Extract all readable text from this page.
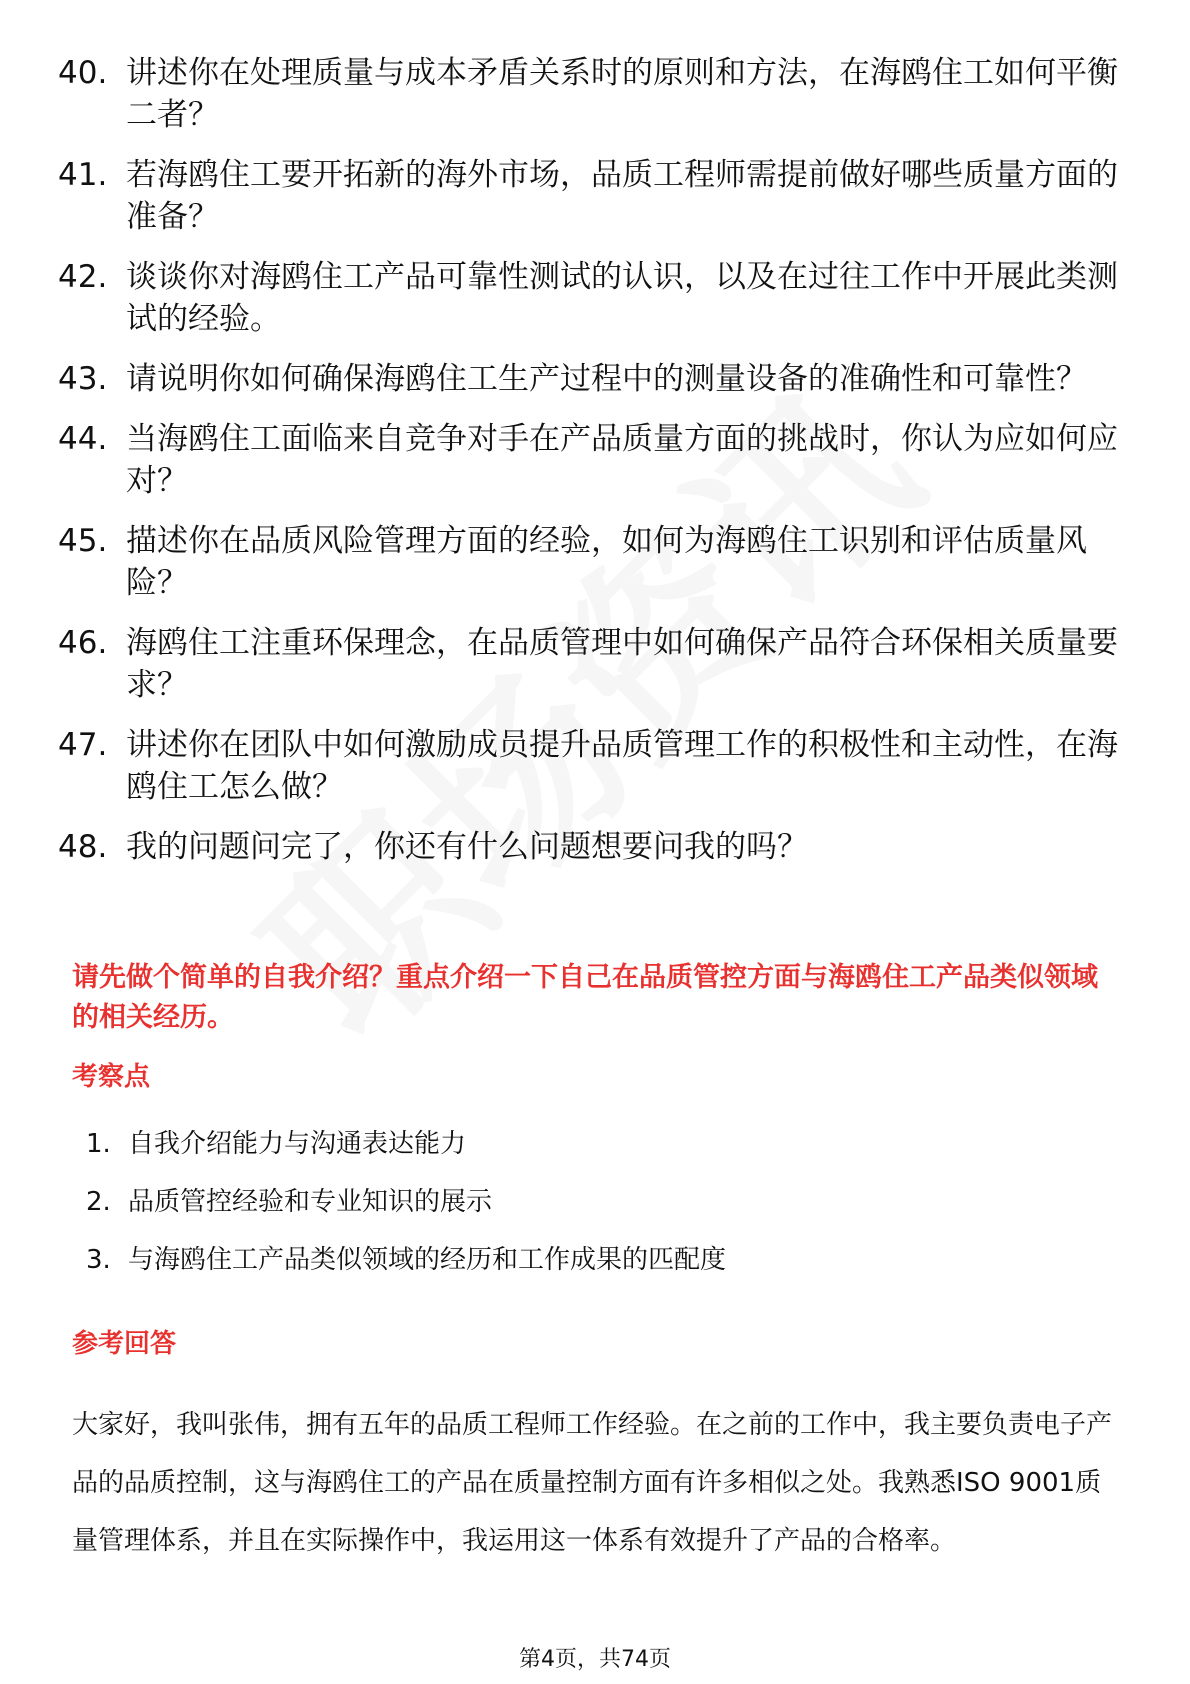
40. 讲述你在处理质量与成本矛盾关系时的原则和方法，在海鸥住工如何平衡二者？
41. 若海鸥住工要开拓新的海外市场，品质工程师需提前做好哪些质量方面的准备？
42. 谈谈你对海鸥住工产品可靠性测试的认识，以及在过往工作中开展此类测试的经验。
43. 请说明你如何确保海鸥住工生产过程中的测量设备的准确性和可靠性？
44. 当海鸥住工面临来自竞争对手在产品质量方面的挑战时，你认为应如何应对？
45. 描述你在品质风险管理方面的经验，如何为海鸥住工识别和评估质量风险？
46. 海鸥住工注重环保理念，在品质管理中如何确保产品符合环保相关质量要求？
47. 讲述你在团队中如何激励成员提升品质管理工作的积极性和主动性，在海鸥住工怎么做？
48. 我的问题问完了，你还有什么问题想要问我的吗？
请先做个简单的自我介绍？重点介绍一下自己在品质管控方面与海鸥住工产品类似领域的相关经历。
考察点
1. 自我介绍能力与沟通表达能力
2. 品质管控经验和专业知识的展示
3. 与海鸥住工产品类似领域的经历和工作成果的匹配度
参考回答
大家好，我叫张伟，拥有五年的品质工程师工作经验。在之前的工作中，我主要负责电子产品的品质控制，这与海鸥住工的产品在质量控制方面有许多相似之处。我熟悉ISO 9001质量管理体系，并且在实际操作中，我运用这一体系有效提升了产品的合格率。
第4页，共74页
